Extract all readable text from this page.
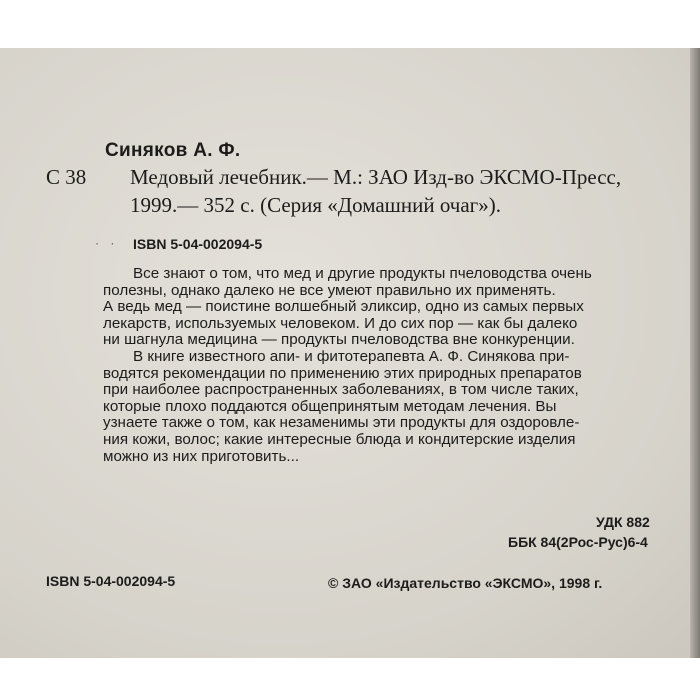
Синяков А. Ф.
С 38 Медовый лечебник.— М.: ЗАО Изд-во ЭКСМО-Пресс,
1999.— 352 с. (Серия «Домашний очаг»).
· · ISBN 5-04-002094-5
Все знают о том, что мед и другие продукты пчеловодства очень
полезны, однако далеко не все умеют правильно их применять.
А ведь мед — поистине волшебный эликсир, одно из самых первых
лекарств, используемых человеком. И до сих пор — как бы далеко
ни шагнула медицина — продукты пчеловодства вне конкуренции.
В книге известного апи- и фитотерапевта А. Ф. Синякова при-
водятся рекомендации по применению этих природных препаратов
при наиболее распространенных заболеваниях, в том числе таких,
которые плохо поддаются общепринятым методам лечения. Вы
узнаете также о том, как незаменимы эти продукты для оздоровле-
ния кожи, волос; какие интересные блюда и кондитерские изделия
можно из них приготовить...
УДК 882
ББК 84(2Рос-Рус)6-4
ISBN 5-04-002094-5	© ЗАО «Издательство «ЭКСМО», 1998 г.
